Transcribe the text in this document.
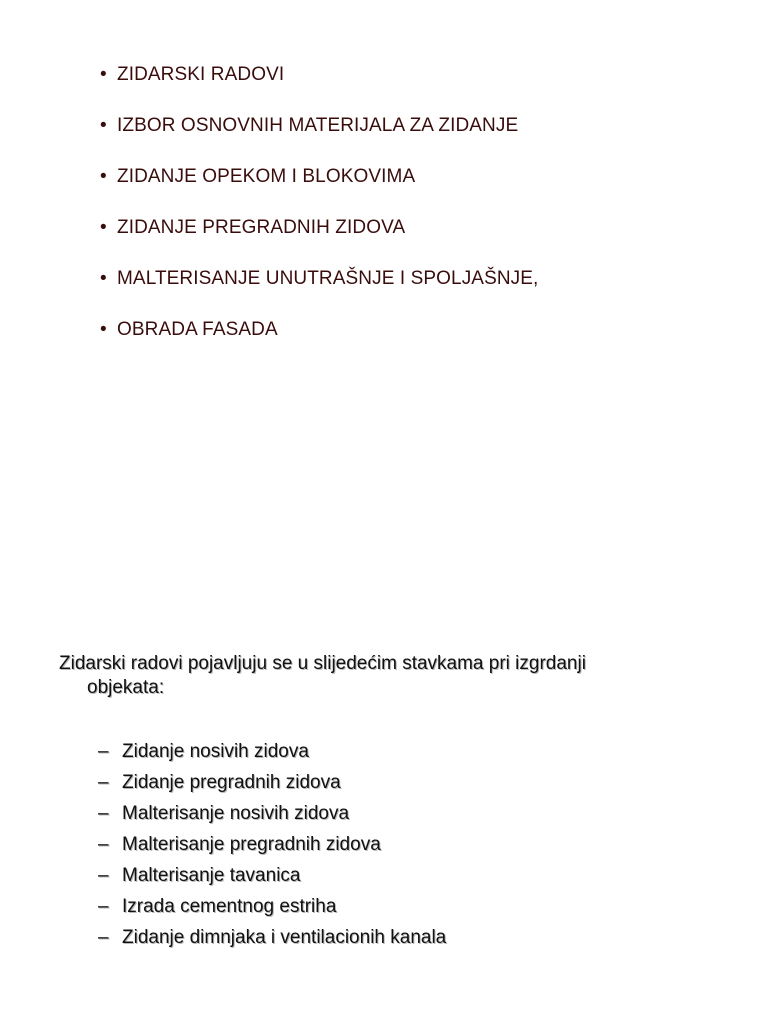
• ZIDARSKI RADOVI
• IZBOR OSNOVNIH MATERIJALA ZA ZIDANJE
• ZIDANJE OPEKOM I BLOKOVIMA
• ZIDANJE PREGRADNIH ZIDOVA
• MALTERISANJE UNUTRAŠNJE I SPOLJAŠNJE,
• OBRADA FASADA
Zidarski radovi pojavljuju se u slijedećim stavkama pri izgrdanji
objekata:
– Zidanje nosivih zidova
– Zidanje pregradnih zidova
– Malterisanje nosivih zidova
– Malterisanje pregradnih zidova
– Malterisanje tavanica
– Izrada cementnog estriha
– Zidanje dimnjaka i ventilacionih kanala
